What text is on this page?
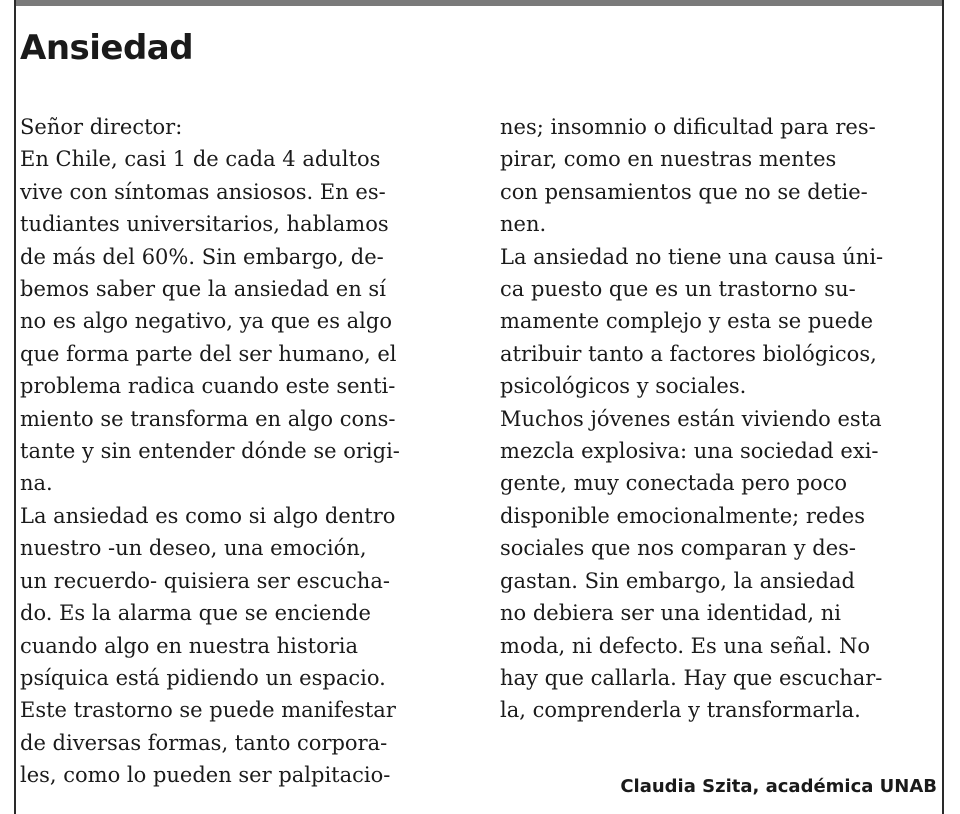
Ansiedad
Señor director:
En Chile, casi 1 de cada 4 adultos
vive con síntomas ansiosos. En es-
tudiantes universitarios, hablamos
de más del 60%. Sin embargo, de-
bemos saber que la ansiedad en sí
no es algo negativo, ya que es algo
que forma parte del ser humano, el
problema radica cuando este senti-
miento se transforma en algo cons-
tante y sin entender dónde se origi-
na.
La ansiedad es como si algo dentro
nuestro -un deseo, una emoción,
un recuerdo- quisiera ser escucha-
do. Es la alarma que se enciende
cuando algo en nuestra historia
psíquica está pidiendo un espacio.
Este trastorno se puede manifestar
de diversas formas, tanto corpora-
les, como lo pueden ser palpitacio-
nes; insomnio o dificultad para res-
pirar, como en nuestras mentes
con pensamientos que no se detie-
nen.
La ansiedad no tiene una causa úni-
ca puesto que es un trastorno su-
mamente complejo y esta se puede
atribuir tanto a factores biológicos,
psicológicos y sociales.
Muchos jóvenes están viviendo esta
mezcla explosiva: una sociedad exi-
gente, muy conectada pero poco
disponible emocionalmente; redes
sociales que nos comparan y des-
gastan. Sin embargo, la ansiedad
no debiera ser una identidad, ni
moda, ni defecto. Es una señal. No
hay que callarla. Hay que escuchar-
la, comprenderla y transformarla.
Claudia Szita, académica UNAB
